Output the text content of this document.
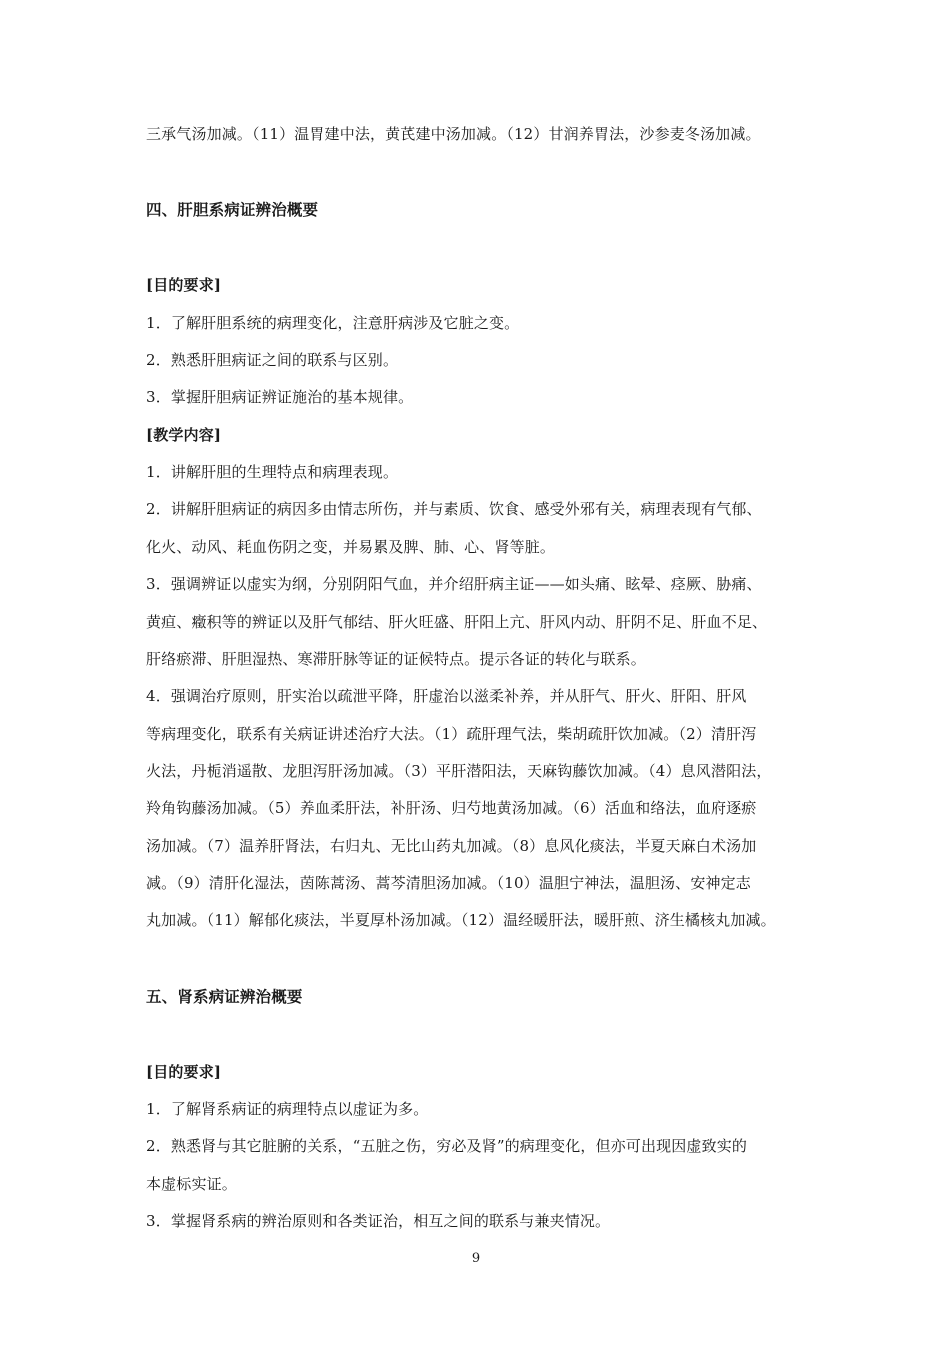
三承气汤加减。（11）温胃建中法，黄芪建中汤加减。（12）甘润养胃法，沙参麦冬汤加减。
四、肝胆系病证辨治概要
[目的要求]
1．了解肝胆系统的病理变化，注意肝病涉及它脏之变。
2．熟悉肝胆病证之间的联系与区别。
3．掌握肝胆病证辨证施治的基本规律。
[教学内容]
1．讲解肝胆的生理特点和病理表现。
2．讲解肝胆病证的病因多由情志所伤，并与素质、饮食、感受外邪有关，病理表现有气郁、
化火、动风、耗血伤阴之变，并易累及脾、肺、心、肾等脏。
3．强调辨证以虚实为纲，分别阴阳气血，并介绍肝病主证——如头痛、眩晕、痉厥、胁痛、
黄疸、癥积等的辨证以及肝气郁结、肝火旺盛、肝阳上亢、肝风内动、肝阴不足、肝血不足、
肝络瘀滞、肝胆湿热、寒滞肝脉等证的证候特点。提示各证的转化与联系。
4．强调治疗原则，肝实治以疏泄平降，肝虚治以滋柔补养，并从肝气、肝火、肝阳、肝风
等病理变化，联系有关病证讲述治疗大法。（1）疏肝理气法，柴胡疏肝饮加减。（2）清肝泻
火法，丹栀消遥散、龙胆泻肝汤加减。（3）平肝潜阳法，天麻钩藤饮加减。（4）息风潜阳法，
羚角钩藤汤加减。（5）养血柔肝法，补肝汤、归芍地黄汤加减。（6）活血和络法，血府逐瘀
汤加减。（7）温养肝肾法，右归丸、无比山药丸加减。（8）息风化痰法，半夏天麻白术汤加
减。（9）清肝化湿法，茵陈蒿汤、蒿芩清胆汤加减。（10）温胆宁神法，温胆汤、安神定志
丸加减。（11）解郁化痰法，半夏厚朴汤加减。（12）温经暖肝法，暖肝煎、济生橘核丸加减。
五、肾系病证辨治概要
[目的要求]
1．了解肾系病证的病理特点以虚证为多。
2．熟悉肾与其它脏腑的关系，“五脏之伤，穷必及肾”的病理变化，但亦可出现因虚致实的
本虚标实证。
3．掌握肾系病的辨治原则和各类证治，相互之间的联系与兼夹情况。
9
